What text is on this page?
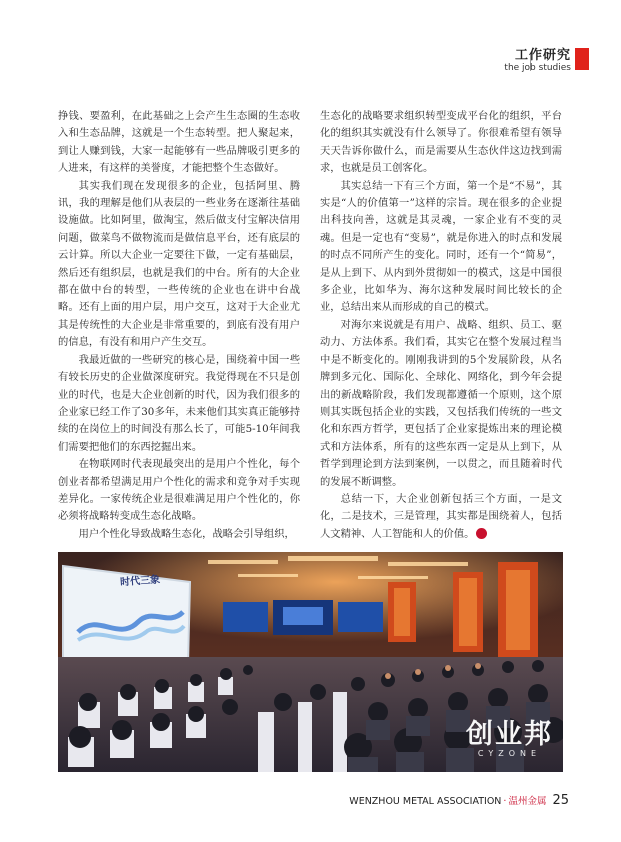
工作研究
the job studies

挣钱、要盈利，在此基础之上会产生生态圈的生态收入和生态品牌，这就是一个生态转型。把人聚起来，到让人赚到钱，大家一起能够有一些品牌吸引更多的人进来，有这样的美誉度，才能把整个生态做好。

其实我们现在发现很多的企业，包括阿里、腾讯，我的理解是他们从表层的一些业务在逐渐往基础设施做。比如阿里，做淘宝，然后做支付宝解决信用问题，做菜鸟不做物流而是做信息平台，还有底层的云计算。所以大企业一定要往下做，一定有基础层，然后还有组织层，也就是我们的中台。所有的大企业都在做中台的转型，一些传统的企业也在讲中台战略。还有上面的用户层，用户交互，这对于大企业尤其是传统性的大企业是非常重要的，到底有没有用户的信息，有没有和用户产生交互。

我最近做的一些研究的核心是，围绕着中国一些有较长历史的企业做深度研究。我觉得现在不只是创业的时代，也是大企业创新的时代，因为我们很多的企业家已经工作了30多年，未来他们其实真正能够持续的在岗位上的时间没有那么长了，可能5-10年间我们需要把他们的东西挖掘出来。

在物联网时代表现最突出的是用户个性化，每个创业者都希望满足用户个性化的需求和竞争对手实现差异化。一家传统企业是很难满足用户个性化的，你必须将战略转变成生态化战略。

用户个性化导致战略生态化，战略会引导组织，

生态化的战略要求组织转型变成平台化的组织，平台化的组织其实就没有什么领导了。你很难希望有领导天天告诉你做什么，而是需要从生态伙伴这边找到需求，也就是员工创客化。

其实总结一下有三个方面，第一个是“不易”，其实是“人的价值第一”这样的宗旨。现在很多的企业提出科技向善，这就是其灵魂，一家企业有不变的灵魂。但是一定也有“变易”，就是你进入的时点和发展的时点不同所产生的变化。同时，还有一个“简易”，是从上到下、从内到外贯彻如一的模式，这是中国很多企业，比如华为、海尔这种发展时间比较长的企业，总结出来从而形成的自己的模式。

对海尔来说就是有用户、战略、组织、员工、驱动力、方法体系。我们看，其实它在整个发展过程当中是不断变化的。刚刚我讲到的5个发展阶段，从名牌到多元化、国际化、全球化、网络化，到今年会提出的新战略阶段，我们发现都遵循一个原则，这个原则其实既包括企业的实践，又包括我们传统的一些文化和东西方哲学，更包括了企业家提炼出来的理论模式和方法体系，所有的这些东西一定是从上到下，从哲学到理论到方法到案例，一以贯之，而且随着时代的发展不断调整。

总结一下，大企业创新包括三个方面，一是文化，二是技术，三是管理，其实都是围绕着人，包括人文精神、人工智能和人的价值。	会

时代三象
创业邦
CYZONE
WENZHOU METAL ASSOCIATION · 温州金属 25
